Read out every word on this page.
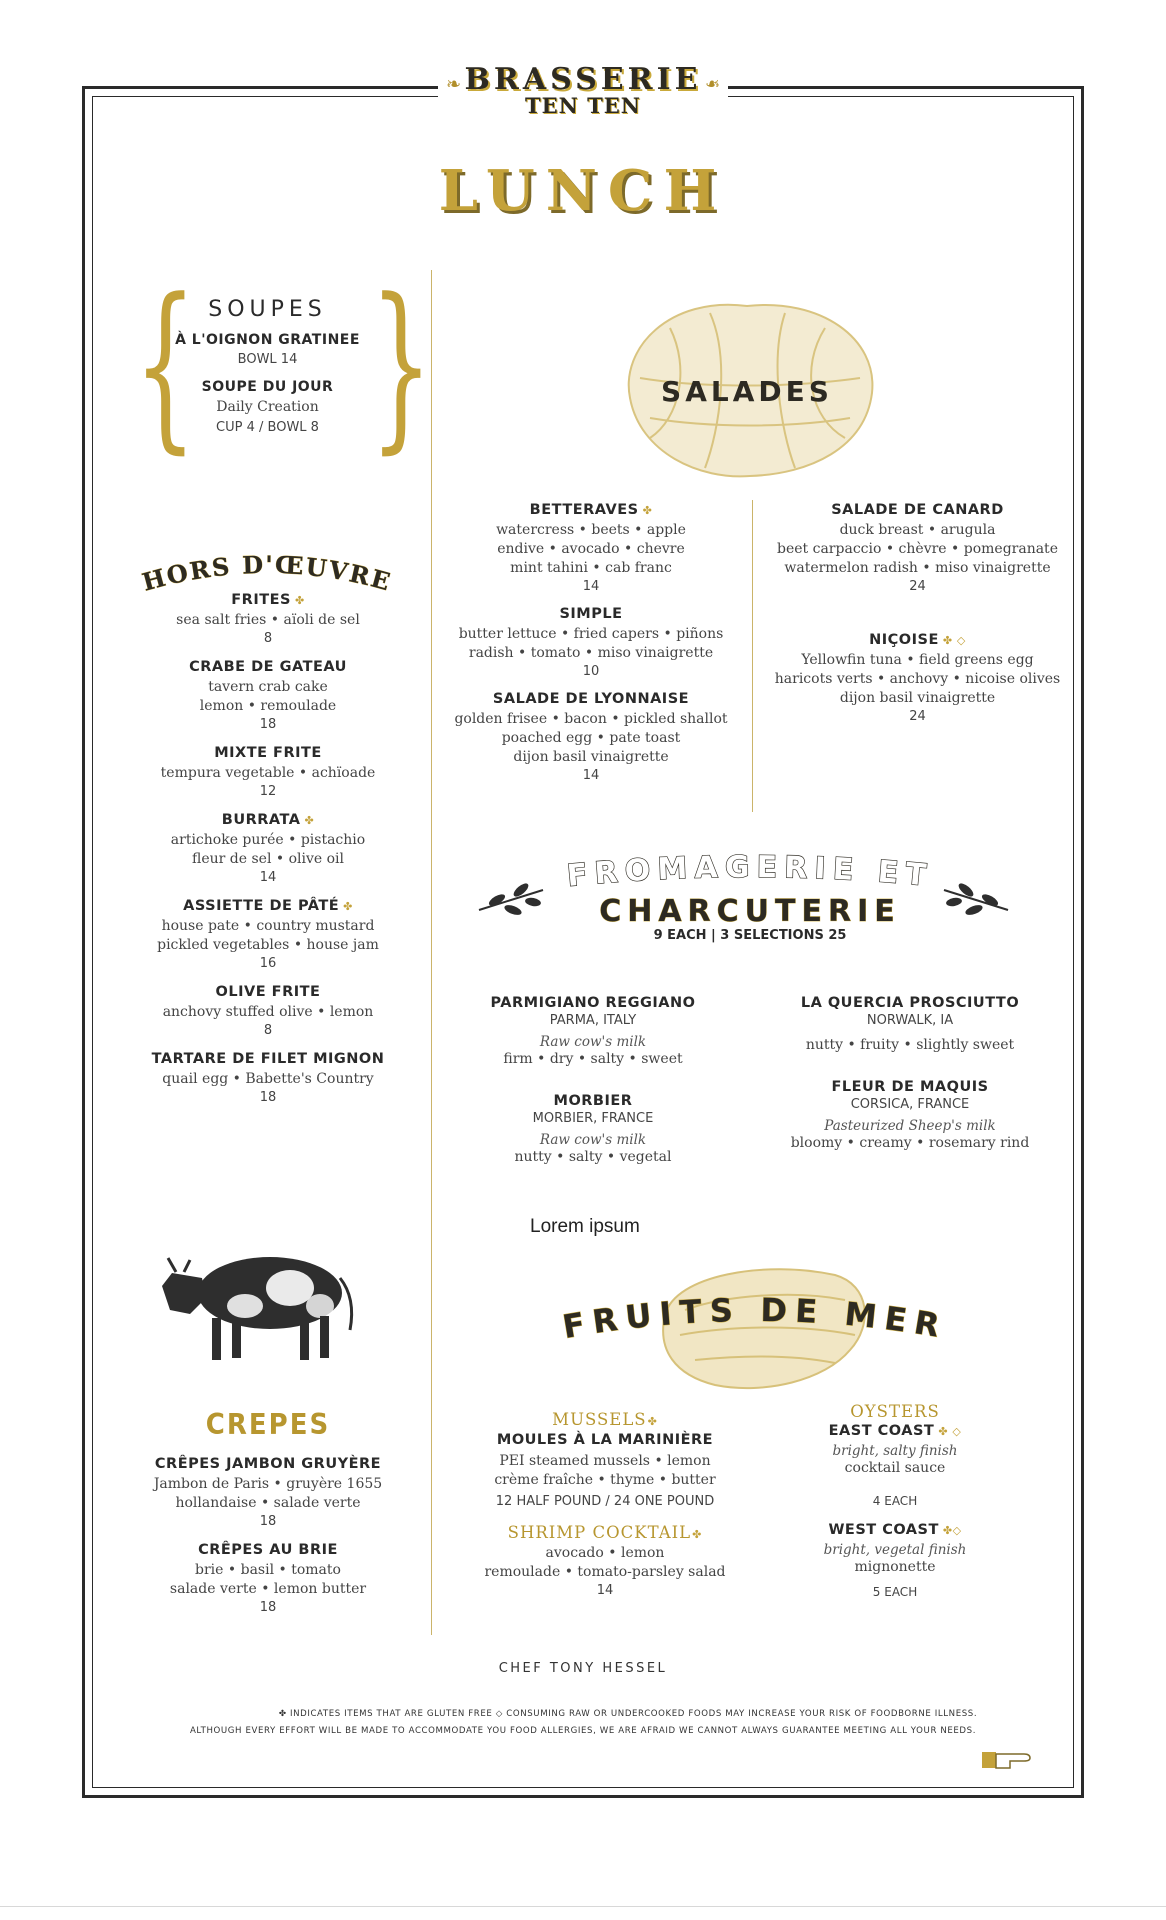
❧ BRASSERIE
TEN TEN
❧
LUNCH
{ }
SOUPES
À L'OIGNON GRATINEE
BOWL 14
SOUPE DU JOUR
Daily Creation
CUP 4 / BOWL 8
HORS D'ŒUVRE
FRITES ✤
sea salt fries • aïoli de sel
8
CRABE DE GATEAU
tavern crab cake
lemon • remoulade
18
MIXTE FRITE
tempura vegetable • achïoade
12
BURRATA ✤
artichoke purée • pistachio
fleur de sel • olive oil
14
ASSIETTE DE PÂTÉ ✤
house pate • country mustard
pickled vegetables • house jam
16
OLIVE FRITE
anchovy stuffed olive • lemon
8
TARTARE DE FILET MIGNON
quail egg • Babette's Country
18
CREPES
CRÊPES JAMBON GRUYÈRE
Jambon de Paris • gruyère 1655
hollandaise • salade verte
18
CRÊPES AU BRIE
brie • basil • tomato
salade verte • lemon butter
18
SALADES
BETTERAVES ✤
watercress • beets • apple
endive • avocado • chevre
mint tahini • cab franc
14
SIMPLE
butter lettuce • fried capers • piñons
radish • tomato • miso vinaigrette
10
SALADE DE LYONNAISE
golden frisee • bacon • pickled shallot
poached egg • pate toast
dijon basil vinaigrette
14
SALADE DE CANARD
duck breast • arugula
beet carpaccio • chèvre • pomegranate
watermelon radish • miso vinaigrette
24
NIÇOISE ✤ ◇
Yellowfin tuna • field greens egg
haricots verts • anchovy • nicoise olives
dijon basil vinaigrette
24
FROMAGERIE ET
CHARCUTERIE
9 EACH | 3 SELECTIONS 25
PARMIGIANO REGGIANO
PARMA, ITALY
Raw cow's milk
firm • dry • salty • sweet
MORBIER
MORBIER, FRANCE
Raw cow's milk
nutty • salty • vegetal
LA QUERCIA PROSCIUTTO
NORWALK, IA
nutty • fruity • slightly sweet
FLEUR DE MAQUIS
CORSICA, FRANCE
Pasteurized Sheep's milk
bloomy • creamy • rosemary rind
Lorem ipsum
FRUITS DE MER
MUSSELS✤
MOULES À LA MARINIÈRE
PEI steamed mussels • lemon
crème fraîche • thyme • butter
12 HALF POUND / 24 ONE POUND
SHRIMP COCKTAIL✤
avocado • lemon
remoulade • tomato-parsley salad
14
OYSTERS
EAST COAST ✤ ◇
bright, salty finish
cocktail sauce
4 EACH
WEST COAST ✤◇
bright, vegetal finish
mignonette
5 EACH
CHEF TONY HESSEL
✤ INDICATES ITEMS THAT ARE GLUTEN FREE ◇ CONSUMING RAW OR UNDERCOOKED FOODS MAY INCREASE YOUR RISK OF FOODBORNE ILLNESS.
ALTHOUGH EVERY EFFORT WILL BE MADE TO ACCOMMODATE YOU FOOD ALLERGIES, WE ARE AFRAID WE CANNOT ALWAYS GUARANTEE MEETING ALL YOUR NEEDS.
